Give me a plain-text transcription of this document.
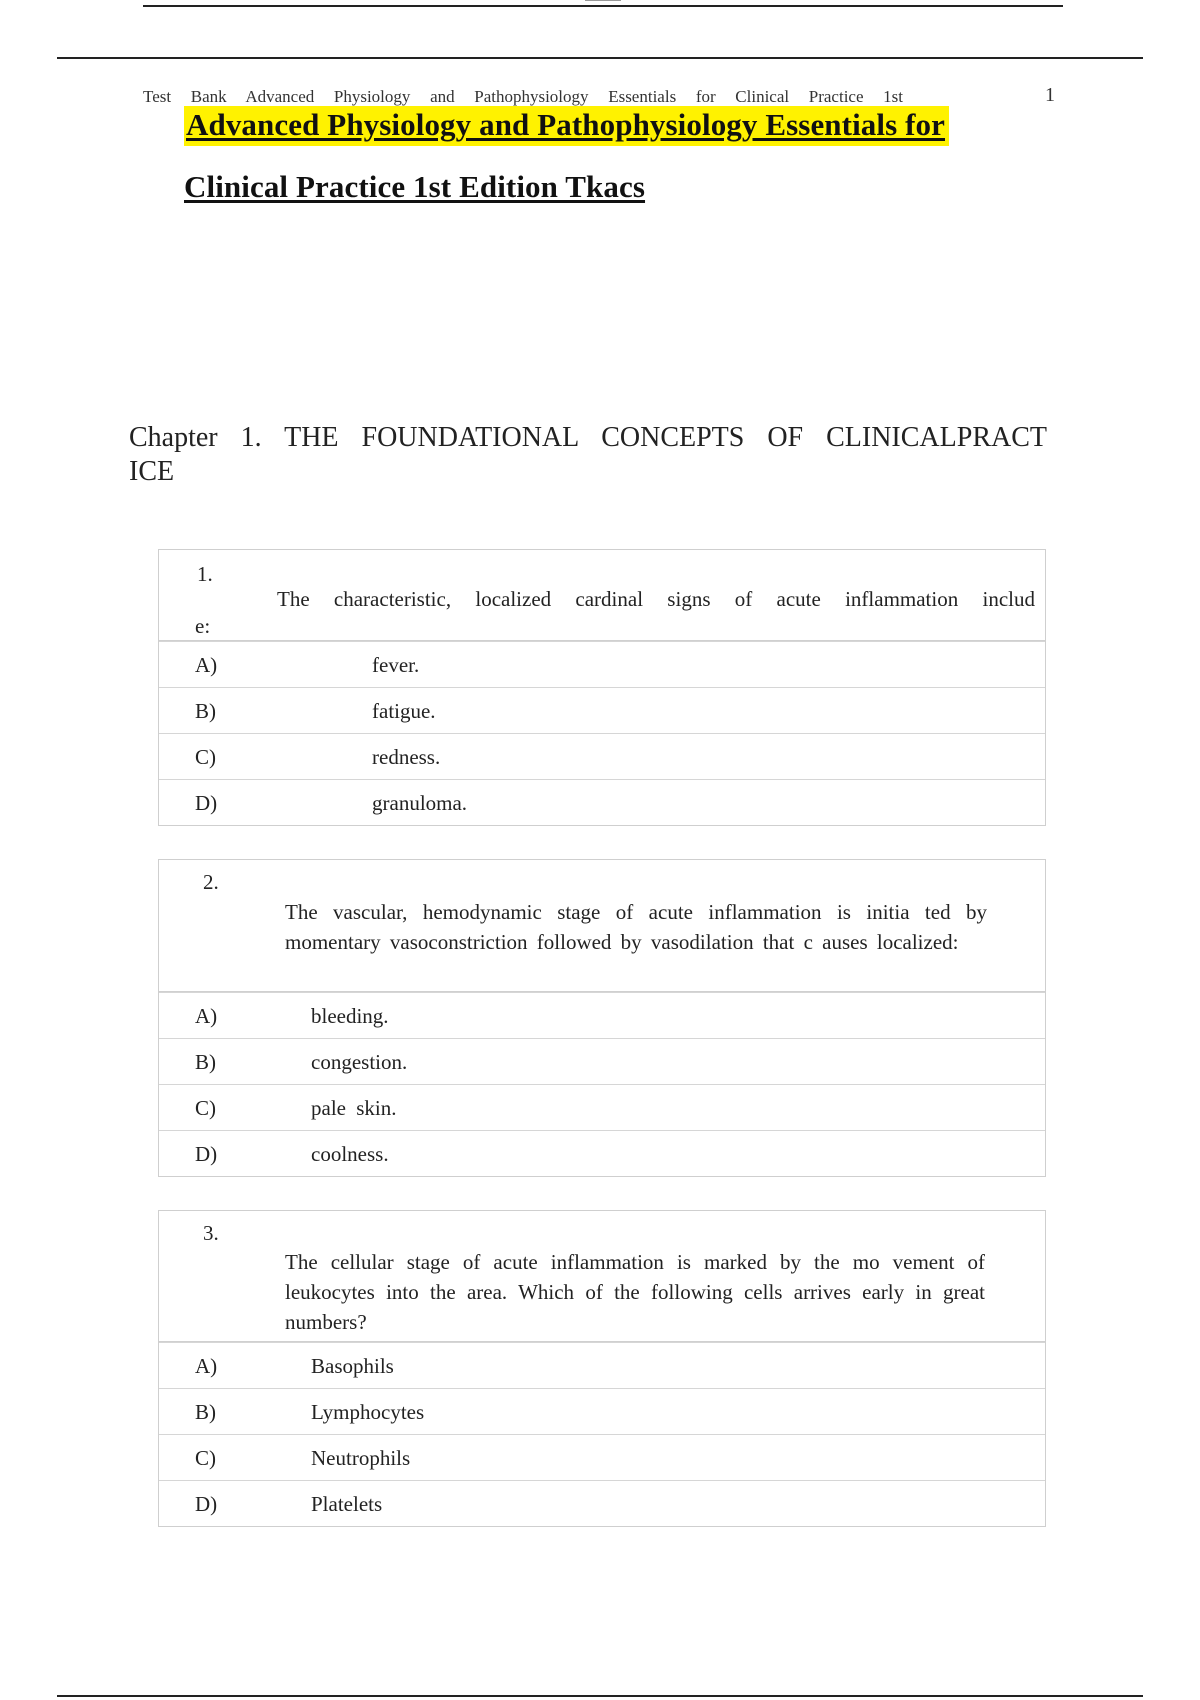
Test Bank Advanced Physiology and Pathophysiology Essentials for Clinical Practice 1st	1
Advanced Physiology and Pathophysiology Essentials for
Clinical Practice 1st Edition Tkacs
Chapter 1. THE FOUNDATIONAL CONCEPTS OF CLINICALPRACT
ICE
1.
The characteristic, localized cardinal signs of acute inflammation includ
e:
A)	fever.
B)	fatigue.
C)	redness.
D)	granuloma.
2.
The vascular, hemodynamic stage of acute inflammation is initia ted by momentary vasoconstriction followed by vasodilation that c auses localized:
A)	bleeding.
B)	congestion.
C)	pale skin.
D)	coolness.
3.
The cellular stage of acute inflammation is marked by the mo vement of leukocytes into the area. Which of the following cells arrives early in great numbers?
A)	Basophils
B)	Lymphocytes
C)	Neutrophils
D)	Platelets
